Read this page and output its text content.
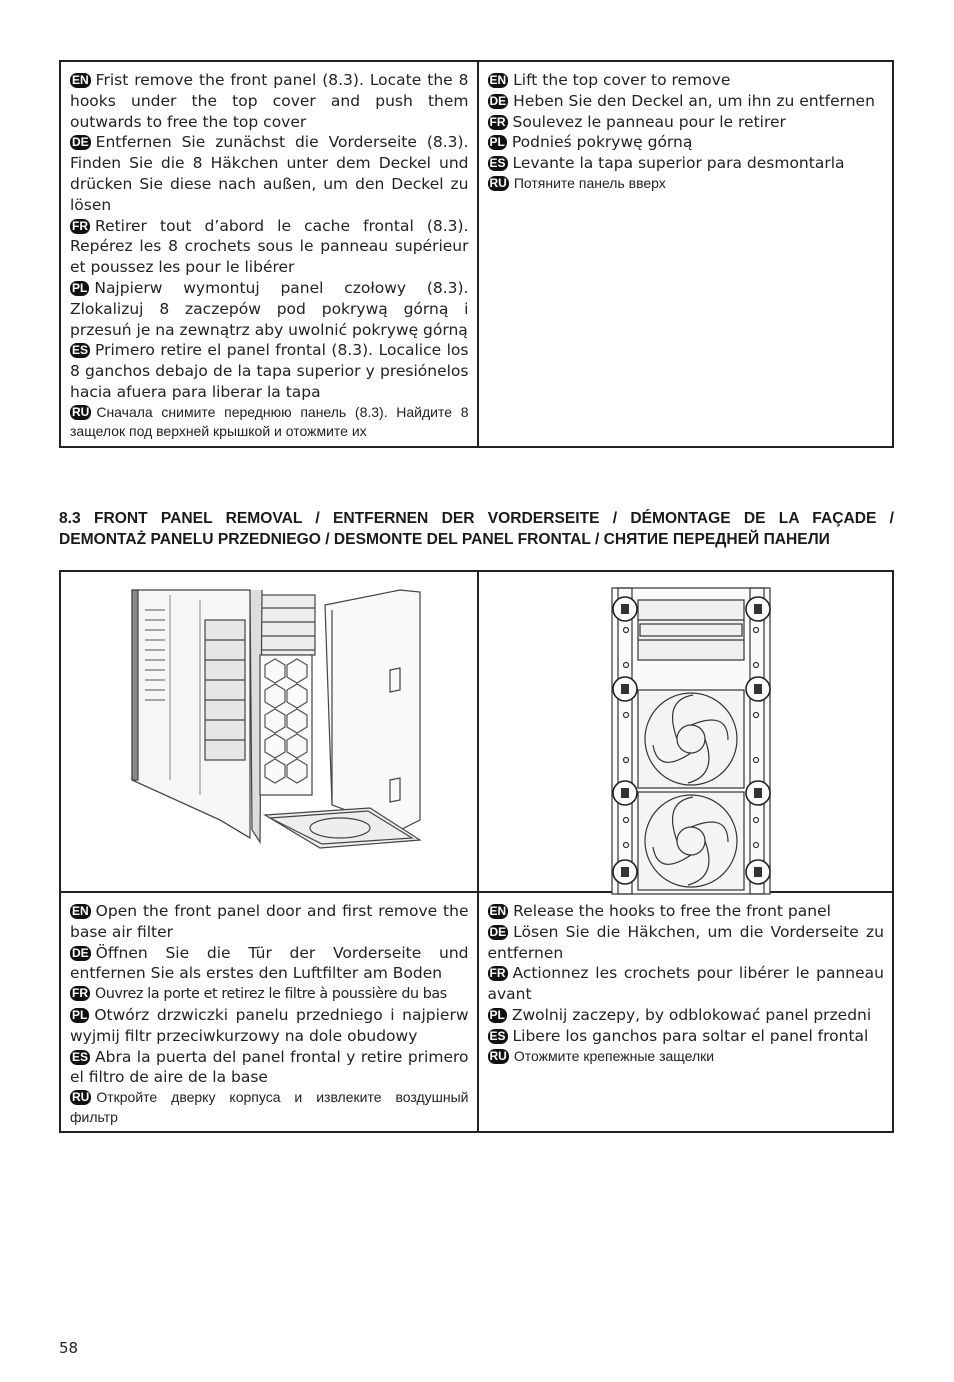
EN Frist remove the front panel (8.3). Locate the 8 hooks under the top cover and push them outwards to free the top cover

DE Entfernen Sie zunächst die Vorderseite (8.3). Finden Sie die 8 Häkchen unter dem Deckel und drücken Sie diese nach außen, um den Deckel zu lösen

FR Retirer tout d’abord le cache frontal (8.3). Repérez les 8 crochets sous le panneau supérieur et poussez les pour le libérer

PL Najpierw wymontuj panel czołowy (8.3). Zlokalizuj 8 zaczepów pod pokrywą górną i przesuń je na zewnątrz aby uwolnić pokrywę górną

ES Primero retire el panel frontal (8.3). Localice los 8 ganchos debajo de la tapa superior y presiónelos hacia afuera para liberar la tapa

RU Сначала снимите переднюю панель (8.3). Найдите 8 защелок под верхней крышкой и отожмите их

EN Lift the top cover to remove

DE Heben Sie den Deckel an, um ihn zu entfernen

FR Soulevez le panneau pour le retirer

PL Podnieś pokrywę górną

ES Levante la tapa superior para desmontarla

RU Потяните панель вверх

8.3 FRONT PANEL REMOVAL / ENTFERNEN DER VORDERSEITE / DÉMONTAGE DE LA FAÇADE /
DEMONTAŻ PANELU PRZEDNIEGO / DESMONTE DEL PANEL FRONTAL / СНЯТИЕ ПЕРЕДНЕЙ ПАНЕЛИ

EN Open the front panel door and first remove the base air filter

DE Öffnen Sie die Tür der Vorderseite und entfernen Sie als erstes den Luftfilter am Boden

FR Ouvrez la porte et retirez le filtre à poussière du bas

PL Otwórz drzwiczki panelu przedniego i najpierw wyjmij filtr przeciwkurzowy na dole obudowy

ES Abra la puerta del panel frontal y retire primero el filtro de aire de la base

RU Откройте дверку корпуса и извлеките воздушный фильтр

EN Release the hooks to free the front panel

DE Lösen Sie die Häkchen, um die Vorderseite zu entfernen

FR Actionnez les crochets pour libérer le panneau avant

PL Zwolnij zaczepy, by odblokować panel przedni

ES Libere los ganchos para soltar el panel frontal

RU Отожмите крепежные защелки

58
